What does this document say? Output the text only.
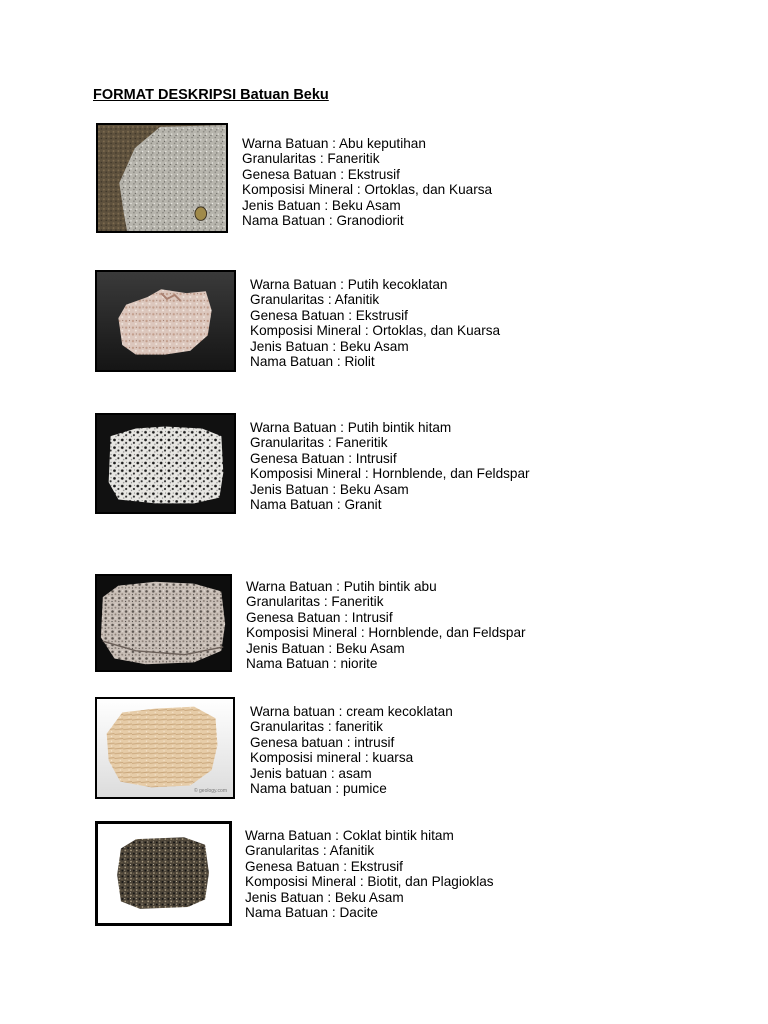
FORMAT DESKRIPSI Batuan Beku
Warna Batuan : Abu keputihan
Granularitas : Faneritik
Genesa Batuan : Ekstrusif
Komposisi Mineral : Ortoklas, dan Kuarsa
Jenis Batuan : Beku Asam
Nama Batuan : Granodiorit
Warna Batuan : Putih kecoklatan
Granularitas : Afanitik
Genesa Batuan : Ekstrusif
Komposisi Mineral : Ortoklas, dan Kuarsa
Jenis Batuan : Beku Asam
Nama Batuan : Riolit
Warna Batuan : Putih bintik hitam
Granularitas : Faneritik
Genesa Batuan : Intrusif
Komposisi Mineral : Hornblende, dan Feldspar
Jenis Batuan : Beku Asam
Nama Batuan : Granit
Warna Batuan : Putih bintik abu
Granularitas : Faneritik
Genesa Batuan : Intrusif
Komposisi Mineral : Hornblende, dan Feldspar
Jenis Batuan : Beku Asam
Nama Batuan : niorite
© geology.com
Warna batuan : cream kecoklatan
Granularitas : faneritik
Genesa batuan : intrusif
Komposisi mineral : kuarsa
Jenis batuan : asam
Nama batuan : pumice
Warna Batuan : Coklat bintik hitam
Granularitas : Afanitik
Genesa Batuan : Ekstrusif
Komposisi Mineral : Biotit, dan Plagioklas
Jenis Batuan : Beku Asam
Nama Batuan : Dacite
